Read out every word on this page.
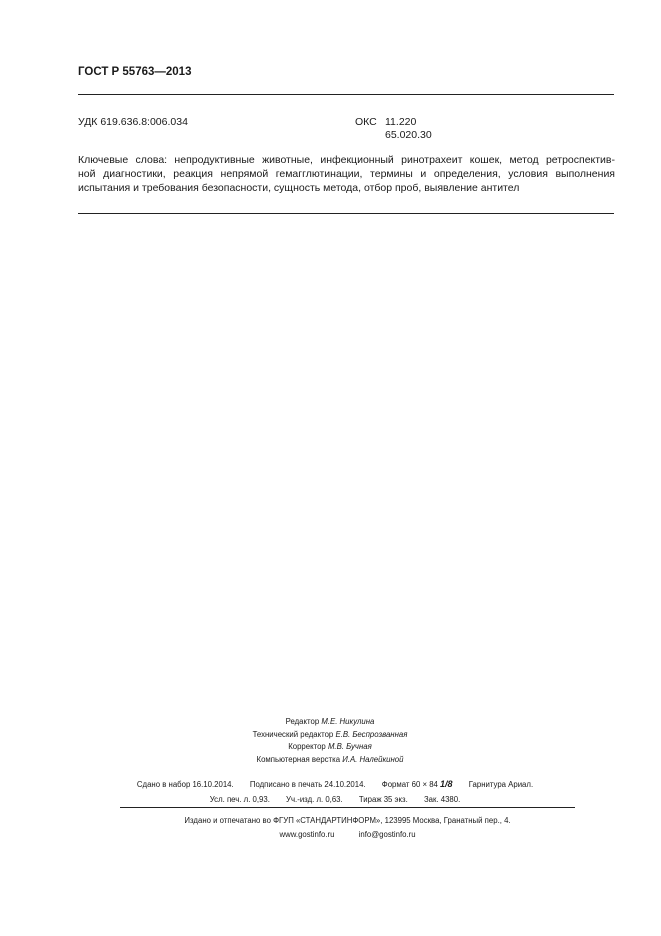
ГОСТ Р 55763—2013
УДК 619.636.8:006.034	ОКС 11.220
65.020.30
Ключевые слова: непродуктивные животные, инфекционный ринотрахеит кошек, метод ретроспектив-
ной диагностики, реакция непрямой гемагглютинации, термины и определения, условия выполнения
испытания и требования безопасности, сущность метода, отбор проб, выявление антител
Редактор М.Е. Никулина
Технический редактор Е.В. Беспрозванная
Корректор М.В. Бучная
Компьютерная верстка И.А. Налейкиной
Сдано в набор 16.10.2014. Подписано в печать 24.10.2014. Формат 60 × 84 1/8 Гарнитура Ариал.
Усл. печ. л. 0,93. Уч.-изд. л. 0,63. Тираж 35 экз. Зак. 4380.
Издано и отпечатано во ФГУП «СТАНДАРТИНФОРМ», 123995 Москва, Гранатный пер., 4.
www.gostinfo.ru	info@gostinfo.ru
